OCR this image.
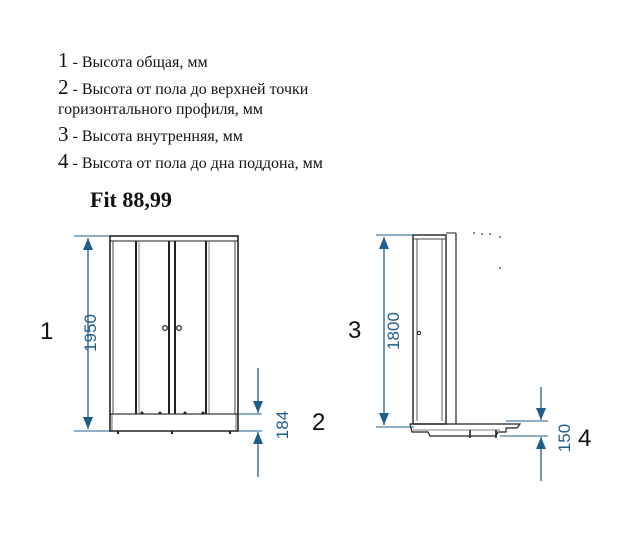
1 - Высота общая, мм
2 - Высота от пола до верхней точки
горизонтального профиля, мм
3 - Высота внутренняя, мм
4 - Высота от пола до дна поддона, мм
Fit 88,99
1950
1
184 2
1800
3
150 4
